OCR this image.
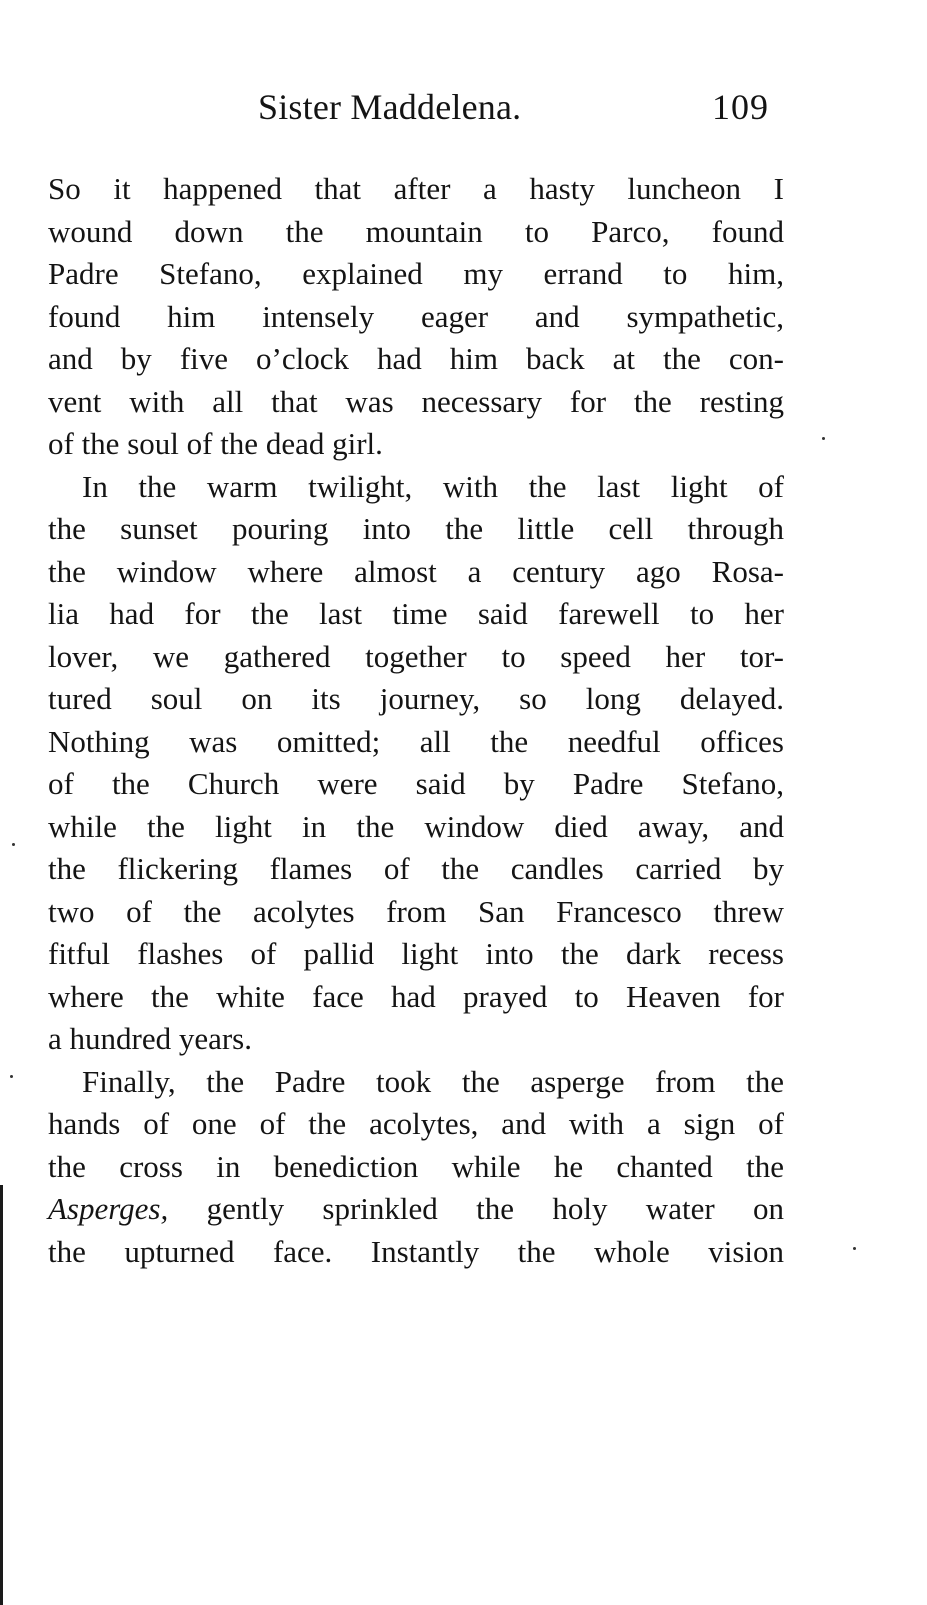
Sister Maddelena.	109
So it happened that after a hasty luncheon I
wound down the mountain to Parco, found
Padre Stefano, explained my errand to him,
found him intensely eager and sympathetic,
and by five o’clock had him back at the con-
vent with all that was necessary for the resting
of the soul of the dead girl.
In the warm twilight, with the last light of
the sunset pouring into the little cell through
the window where almost a century ago Rosa-
lia had for the last time said farewell to her
lover, we gathered together to speed her tor-
tured soul on its journey, so long delayed.
Nothing was omitted; all the needful offices
of the Church were said by Padre Stefano,
while the light in the window died away, and
the flickering flames of the candles carried by
two of the acolytes from San Francesco threw
fitful flashes of pallid light into the dark recess
where the white face had prayed to Heaven for
a hundred years.
Finally, the Padre took the asperge from the
hands of one of the acolytes, and with a sign of
the cross in benediction while he chanted the
Asperges, gently sprinkled the holy water on
the upturned face. Instantly the whole vision
